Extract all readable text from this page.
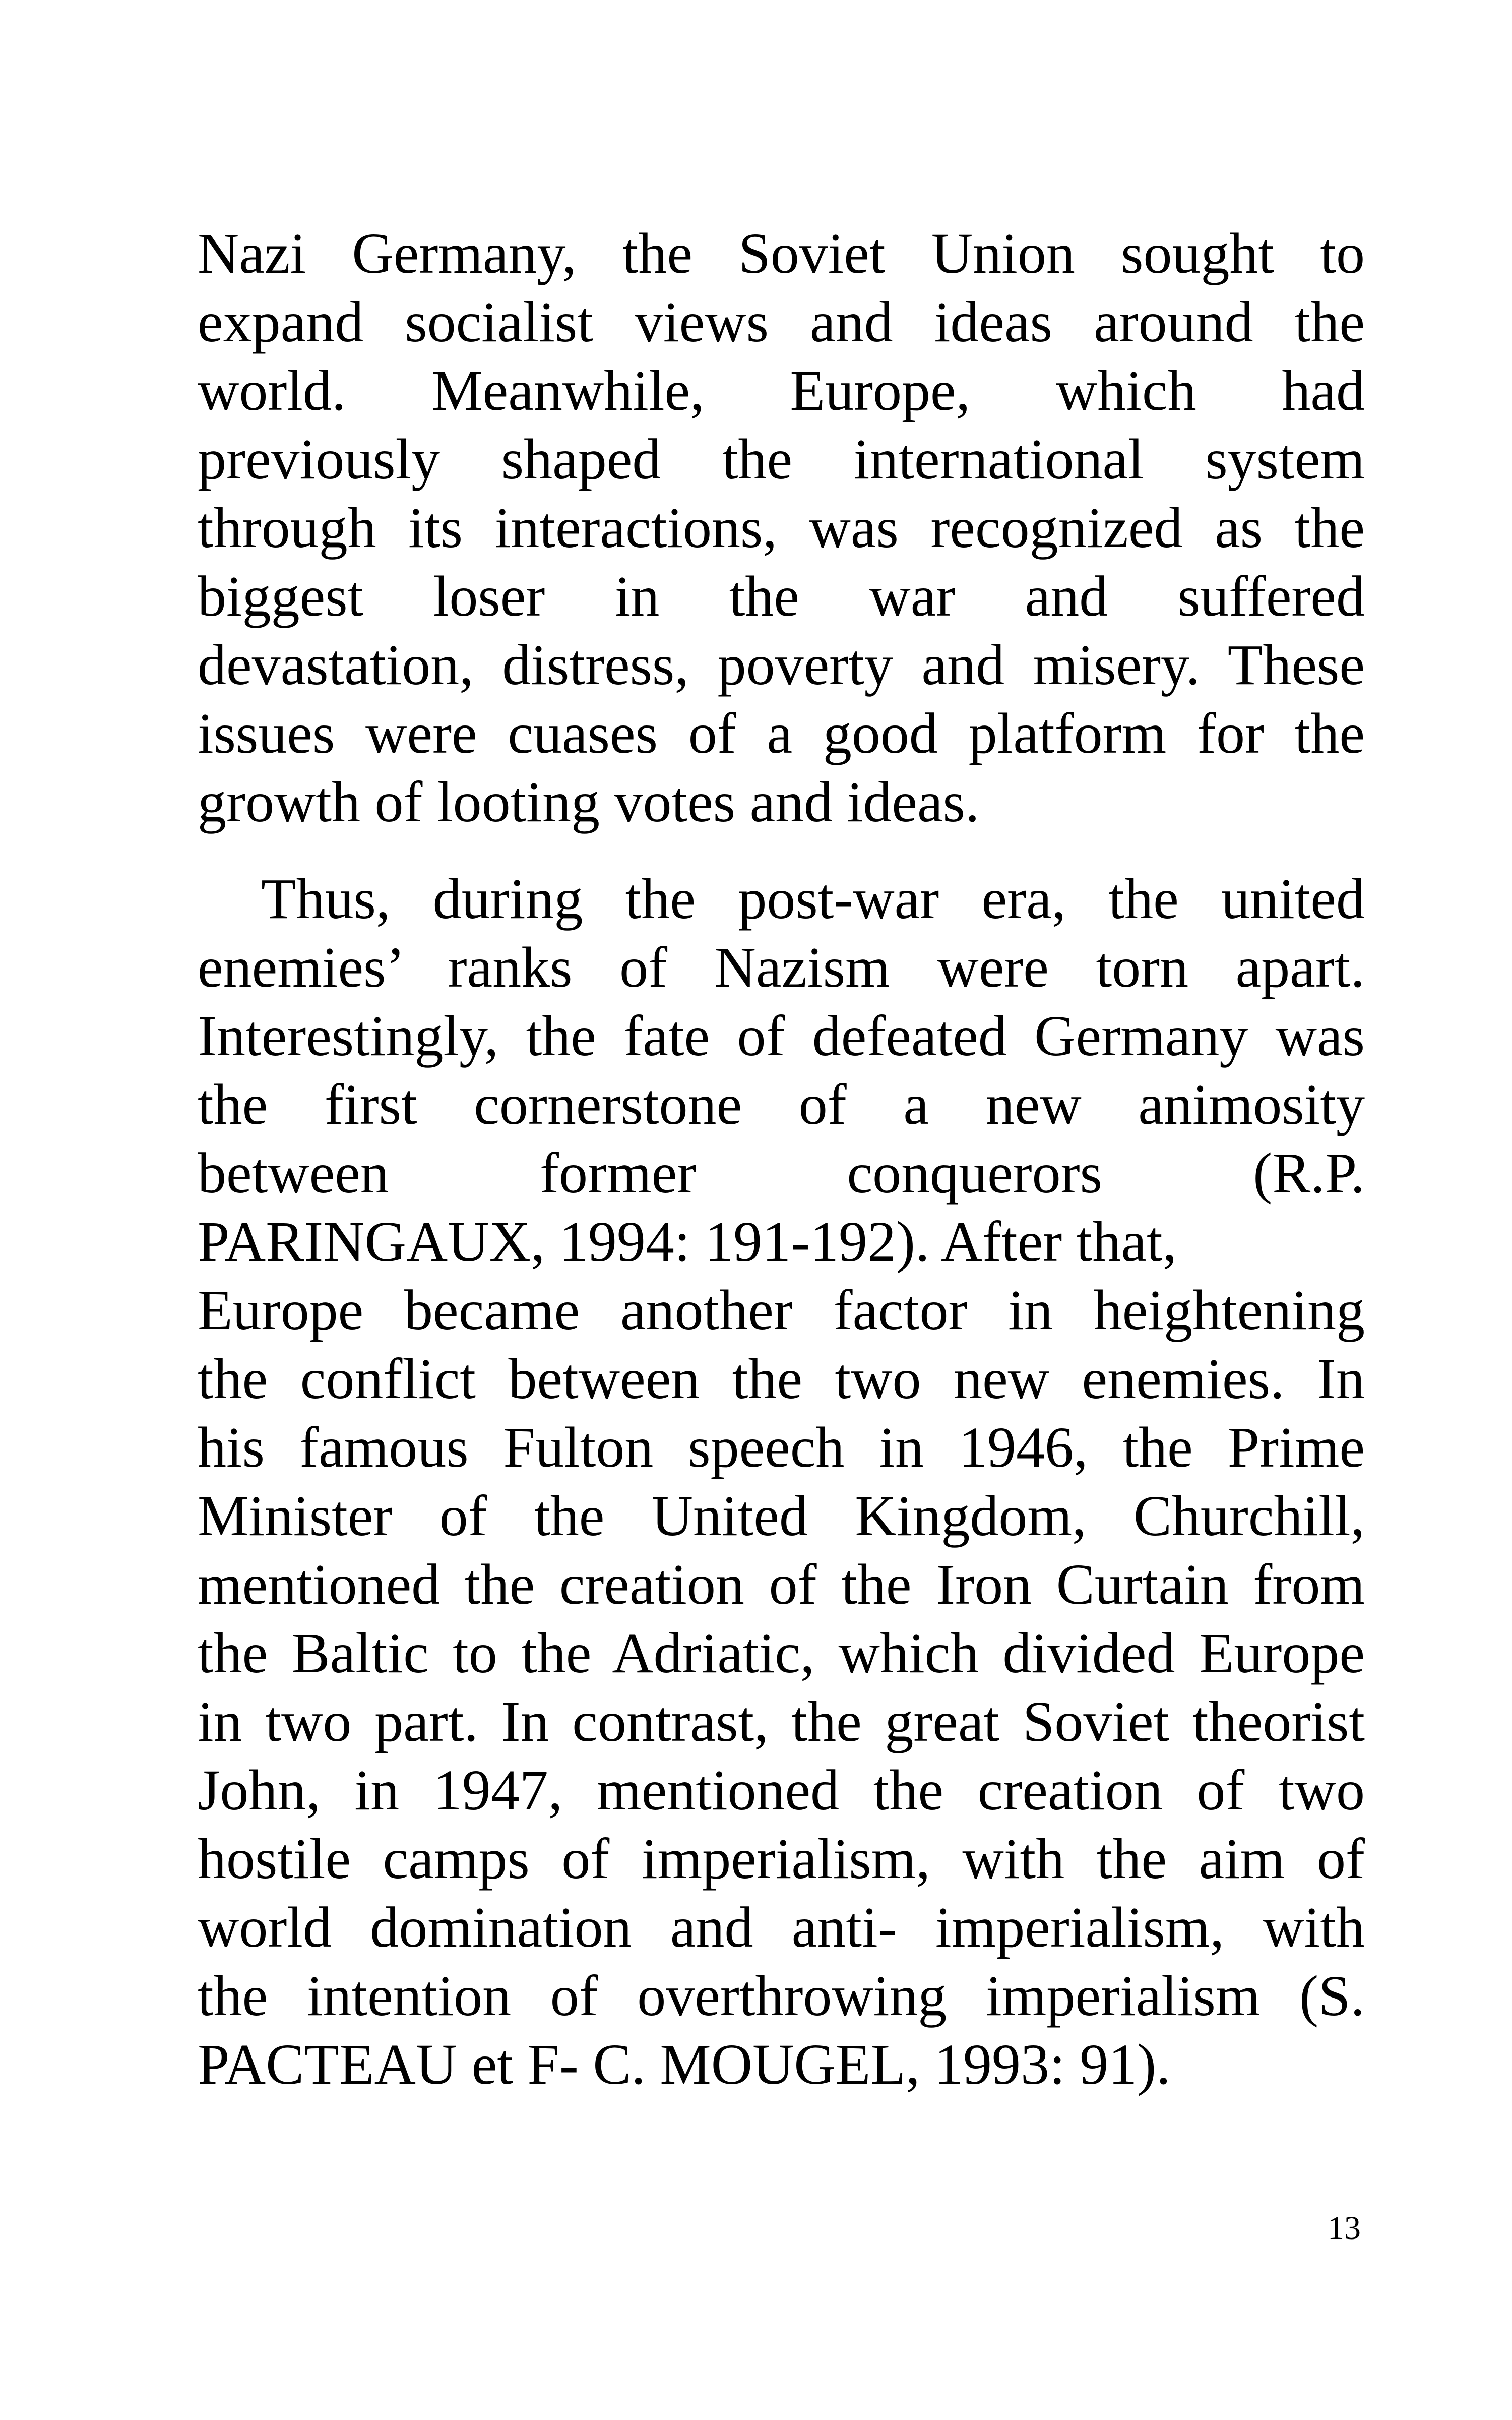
Nazi Germany, the Soviet Union sought to
expand socialist views and ideas around the
world. Meanwhile, Europe, which had
previously shaped the international system
through its interactions, was recognized as the
biggest loser in the war and suffered
devastation, distress, poverty and misery. These
issues were cuases of a good platform for the
growth of looting votes and ideas.

Thus, during the post-war era, the united
enemies’ ranks of Nazism were torn apart.
Interestingly, the fate of defeated Germany was
the first cornerstone of a new animosity
between former conquerors (R.P.
PARINGAUX, 1994: 191-192). After that,
Europe became another factor in heightening
the conflict between the two new enemies. In
his famous Fulton speech in 1946, the Prime
Minister of the United Kingdom, Churchill,
mentioned the creation of the Iron Curtain from
the Baltic to the Adriatic, which divided Europe
in two part. In contrast, the great Soviet theorist
John, in 1947, mentioned the creation of two
hostile camps of imperialism, with the aim of
world domination and anti- imperialism, with
the intention of overthrowing imperialism (S.
PACTEAU et F- C. MOUGEL, 1993: 91).

13
